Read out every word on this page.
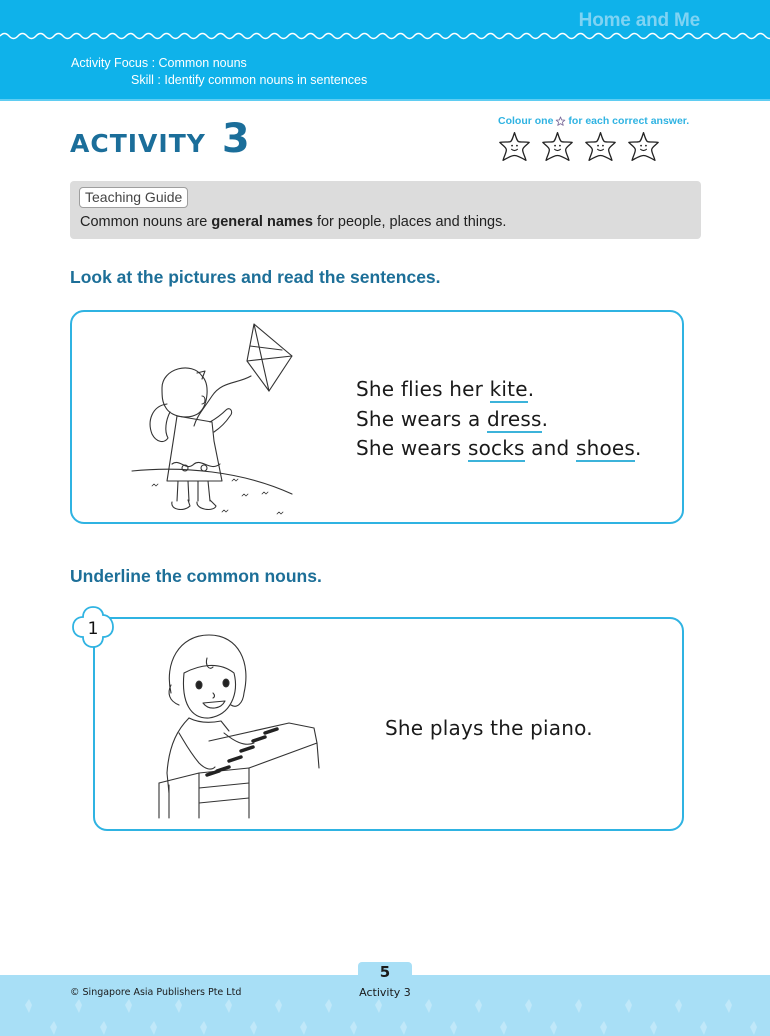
Home and Me
Activity Focus :
Common nouns
Skill :
Identify common nouns in sentences
ACTIVITY 3	Colour one for each correct answer.
Teaching Guide
Common nouns are general names for people, places and things.
Look at the pictures and read the sentences.
She flies her kite.
She wears a dress.
She wears socks and shoes.
Underline the common nouns.
She plays the piano.
1
5
Activity 3
© Singapore Asia Publishers Pte Ltd
